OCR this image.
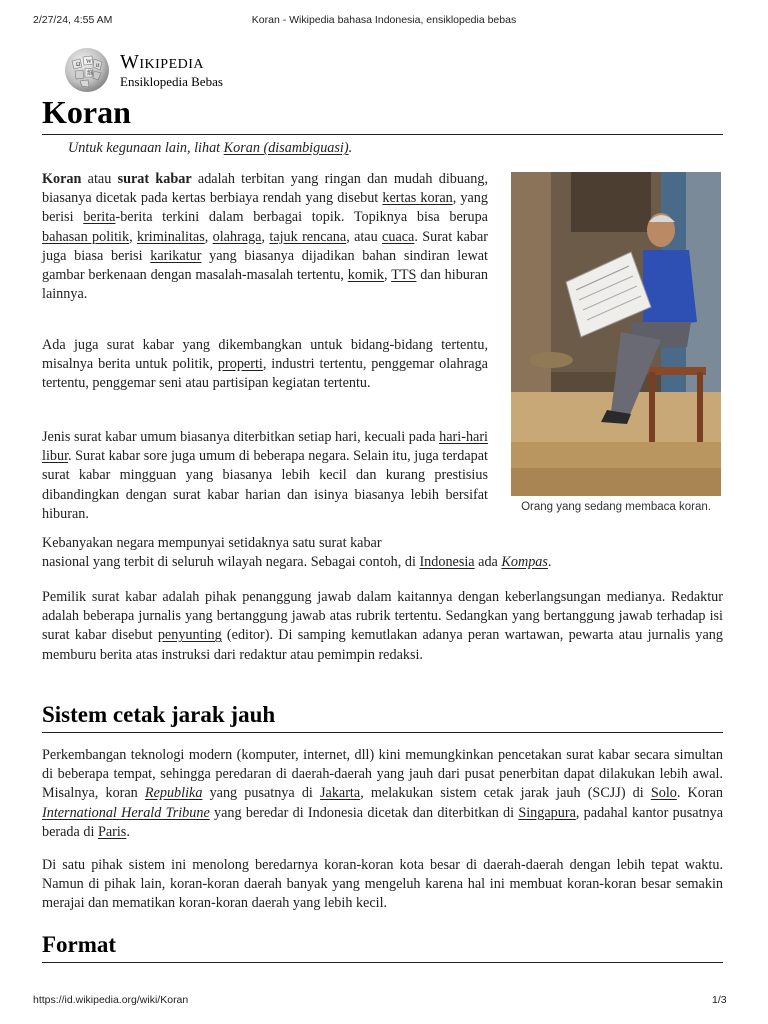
2/27/24, 4:55 AM	Koran - Wikipedia bahasa Indonesia, ensiklopedia bebas
Ω W
И
維
Wikipedia
Ensiklopedia Bebas
Koran
Untuk kegunaan lain, lihat Koran (disambiguasi).
Orang yang sedang membaca koran.

Koran atau surat kabar adalah terbitan yang ringan dan mudah dibuang, biasanya dicetak pada kertas berbiaya rendah yang disebut kertas koran, yang berisi berita-berita terkini dalam berbagai topik. Topiknya bisa berupa bahasan politik, kriminalitas, olahraga, tajuk rencana, atau cuaca. Surat kabar juga biasa berisi karikatur yang biasanya dijadikan bahan sindiran lewat gambar berkenaan dengan masalah-masalah tertentu, komik, TTS dan hiburan lainnya.

Ada juga surat kabar yang dikembangkan untuk bidang-bidang tertentu, misalnya berita untuk politik, properti, industri tertentu, penggemar olahraga tertentu, penggemar seni atau partisipan kegiatan tertentu.

Jenis surat kabar umum biasanya diterbitkan setiap hari, kecuali pada hari-hari libur. Surat kabar sore juga umum di beberapa negara. Selain itu, juga terdapat surat kabar mingguan yang biasanya lebih kecil dan kurang prestisius dibandingkan dengan surat kabar harian dan isinya biasanya lebih bersifat hiburan.

Kebanyakan negara mempunyai setidaknya satu surat kabar
nasional yang terbit di seluruh wilayah negara. Sebagai contoh, di Indonesia ada Kompas.

Pemilik surat kabar adalah pihak penanggung jawab dalam kaitannya dengan keberlangsungan medianya. Redaktur adalah beberapa jurnalis yang bertanggung jawab atas rubrik tertentu. Sedangkan yang bertanggung jawab terhadap isi surat kabar disebut penyunting (editor). Di samping kemutlakan adanya peran wartawan, pewarta atau jurnalis yang memburu berita atas instruksi dari redaktur atau pemimpin redaksi.

Sistem cetak jarak jauh

Perkembangan teknologi modern (komputer, internet, dll) kini memungkinkan pencetakan surat kabar secara simultan di beberapa tempat, sehingga peredaran di daerah-daerah yang jauh dari pusat penerbitan dapat dilakukan lebih awal. Misalnya, koran Republika yang pusatnya di Jakarta, melakukan sistem cetak jarak jauh (SCJJ) di Solo. Koran International Herald Tribune yang beredar di Indonesia dicetak dan diterbitkan di Singapura, padahal kantor pusatnya berada di Paris.

Di satu pihak sistem ini menolong beredarnya koran-koran kota besar di daerah-daerah dengan lebih tepat waktu. Namun di pihak lain, koran-koran daerah banyak yang mengeluh karena hal ini membuat koran-koran besar semakin merajai dan mematikan koran-koran daerah yang lebih kecil.

Format
https://id.wikipedia.org/wiki/Koran	1/3
